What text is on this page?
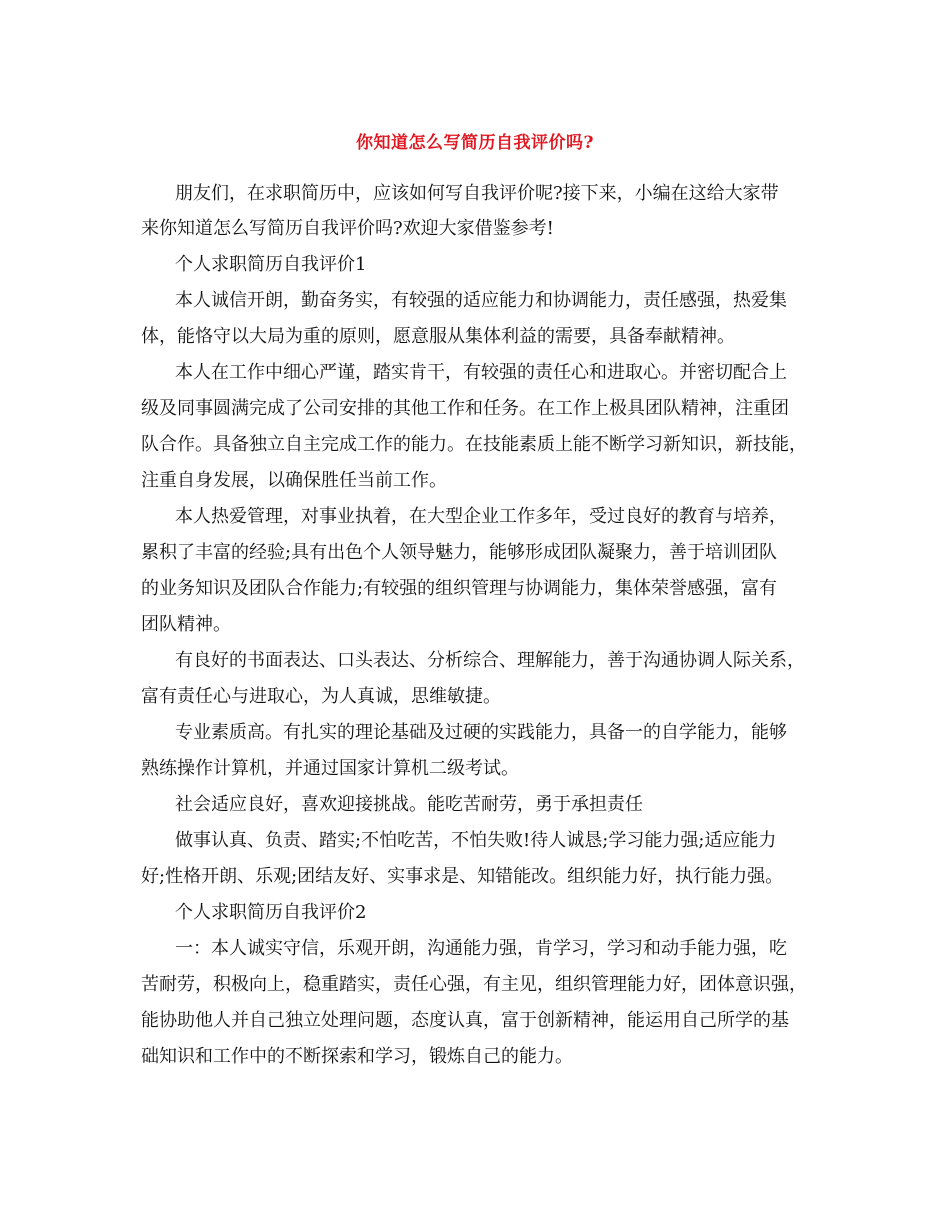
你知道怎么写简历自我评价吗?
朋友们，在求职简历中，应该如何写自我评价呢?接下来，小编在这给大家带
来你知道怎么写简历自我评价吗?欢迎大家借鉴参考!
个人求职简历自我评价1
本人诚信开朗，勤奋务实，有较强的适应能力和协调能力，责任感强，热爱集
体，能恪守以大局为重的原则，愿意服从集体利益的需要，具备奉献精神。
本人在工作中细心严谨，踏实肯干，有较强的责任心和进取心。并密切配合上
级及同事圆满完成了公司安排的其他工作和任务。在工作上极具团队精神，注重团
队合作。具备独立自主完成工作的能力。在技能素质上能不断学习新知识，新技能，
注重自身发展，以确保胜任当前工作。
本人热爱管理，对事业执着，在大型企业工作多年，受过良好的教育与培养，
累积了丰富的经验;具有出色个人领导魅力，能够形成团队凝聚力，善于培训团队
的业务知识及团队合作能力;有较强的组织管理与协调能力，集体荣誉感强，富有
团队精神。
有良好的书面表达、口头表达、分析综合、理解能力，善于沟通协调人际关系，
富有责任心与进取心，为人真诚，思维敏捷。
专业素质高。有扎实的理论基础及过硬的实践能力，具备一的自学能力，能够
熟练操作计算机，并通过国家计算机二级考试。
社会适应良好，喜欢迎接挑战。能吃苦耐劳，勇于承担责任
做事认真、负责、踏实;不怕吃苦，不怕失败!待人诚恳;学习能力强;适应能力
好;性格开朗、乐观;团结友好、实事求是、知错能改。组织能力好，执行能力强。
个人求职简历自我评价2
一：本人诚实守信，乐观开朗，沟通能力强，肯学习，学习和动手能力强，吃
苦耐劳，积极向上，稳重踏实，责任心强，有主见，组织管理能力好，团体意识强，
能协助他人并自己独立处理问题，态度认真，富于创新精神，能运用自己所学的基
础知识和工作中的不断探索和学习，锻炼自己的能力。
